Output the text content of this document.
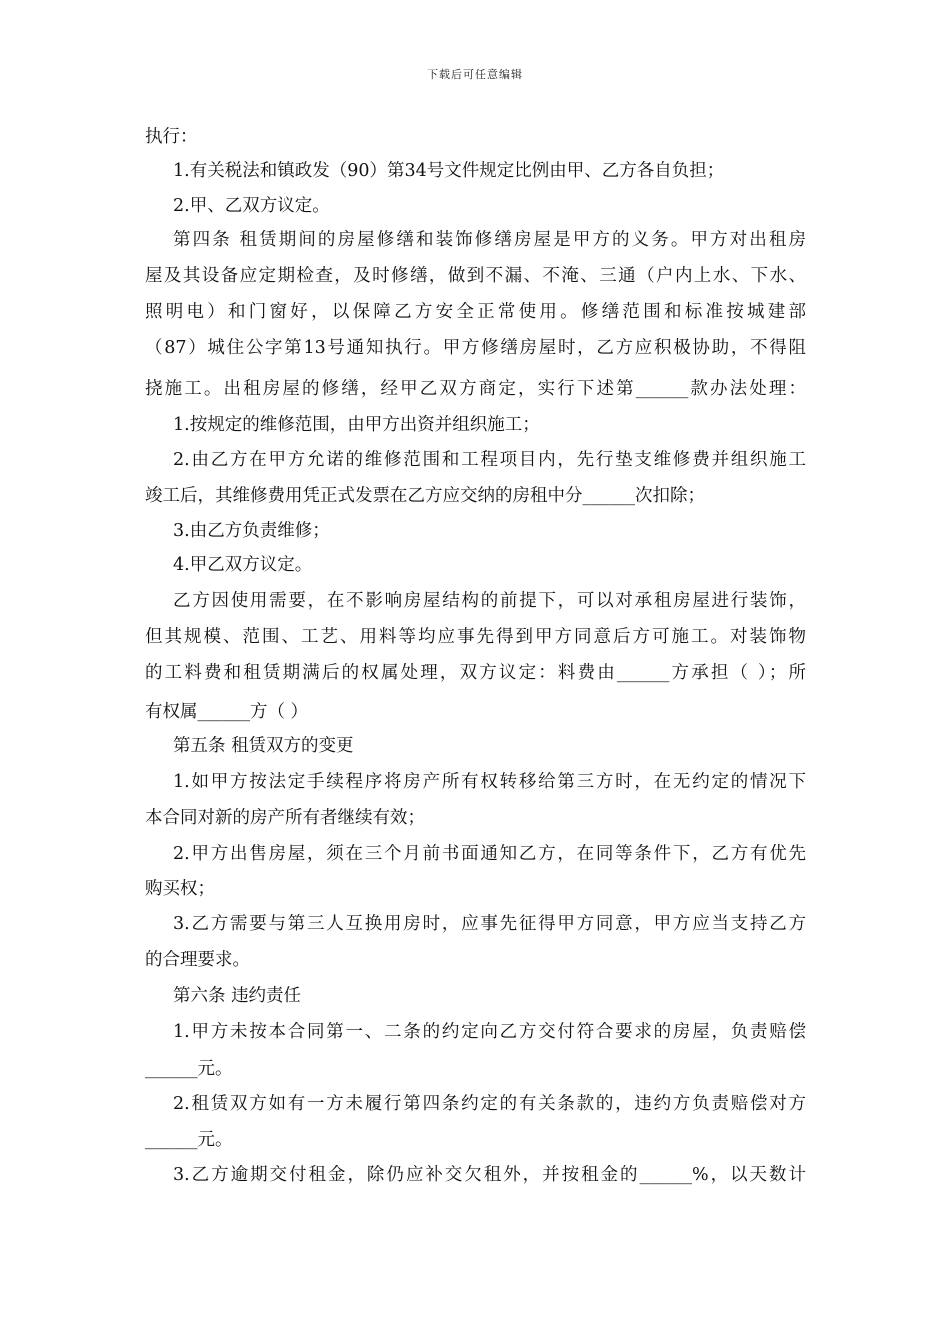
下载后可任意编辑
执行：
1.有关税法和镇政发（90）第34号文件规定比例由甲、乙方各自负担；
2.甲、乙双方议定。
第四条 租赁期间的房屋修缮和装饰修缮房屋是甲方的义务。甲方对出租房
屋及其设备应定期检查，及时修缮，做到不漏、不淹、三通（户内上水、下水、
照明电）和门窗好，以保障乙方安全正常使用。修缮范围和标准按城建部
（87）城住公字第13号通知执行。甲方修缮房屋时，乙方应积极协助，不得阻
挠施工。出租房屋的修缮，经甲乙双方商定，实行下述第______款办法处理：
1.按规定的维修范围，由甲方出资并组织施工；
2.由乙方在甲方允诺的维修范围和工程项目内，先行垫支维修费并组织施工
竣工后，其维修费用凭正式发票在乙方应交纳的房租中分______次扣除；
3.由乙方负责维修；
4.甲乙双方议定。
乙方因使用需要，在不影响房屋结构的前提下，可以对承租房屋进行装饰，
但其规模、范围、工艺、用料等均应事先得到甲方同意后方可施工。对装饰物
的工料费和租赁期满后的权属处理，双方议定：料费由______方承担（ ）；所
有权属______方（ ）
第五条 租赁双方的变更
1.如甲方按法定手续程序将房产所有权转移给第三方时，在无约定的情况下
本合同对新的房产所有者继续有效；
2.甲方出售房屋，须在三个月前书面通知乙方，在同等条件下，乙方有优先
购买权；
3.乙方需要与第三人互换用房时，应事先征得甲方同意，甲方应当支持乙方
的合理要求。
第六条 违约责任
1.甲方未按本合同第一、二条的约定向乙方交付符合要求的房屋，负责赔偿
______元。
2.租赁双方如有一方未履行第四条约定的有关条款的，违约方负责赔偿对方
______元。
3.乙方逾期交付租金，除仍应补交欠租外，并按租金的______%，以天数计
